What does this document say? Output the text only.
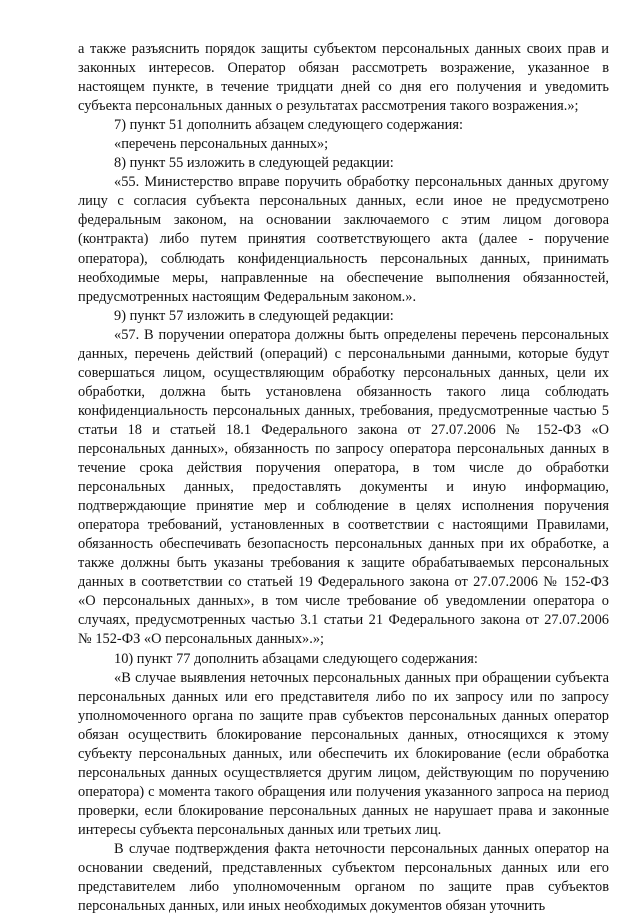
а также разъяснить порядок защиты субъектом персональных данных своих прав и законных интересов. Оператор обязан рассмотреть возражение, указанное в настоящем пункте, в течение тридцати дней со дня его получения и уведомить субъекта персональных данных о результатах рассмотрения такого возражения.»;

7) пункт 51 дополнить абзацем следующего содержания:

«перечень персональных данных»;

8) пункт 55 изложить в следующей редакции:

«55. Министерство вправе поручить обработку персональных данных другому лицу с согласия субъекта персональных данных, если иное не предусмотрено федеральным законом, на основании заключаемого с этим лицом договора (контракта) либо путем принятия соответствующего акта (далее - поручение оператора), соблюдать конфиденциальность персональных данных, принимать необходимые меры, направленные на обеспечение выполнения обязанностей, предусмотренных настоящим Федеральным законом.».

9) пункт 57 изложить в следующей редакции:

«57. В поручении оператора должны быть определены перечень персональных данных, перечень действий (операций) с персональными данными, которые будут совершаться лицом, осуществляющим обработку персональных данных, цели их обработки, должна быть установлена обязанность такого лица соблюдать конфиденциальность персональных данных, требования, предусмотренные частью 5 статьи 18 и статьей 18.1 Федерального закона от 27.07.2006 № 152-ФЗ «О персональных данных», обязанность по запросу оператора персональных данных в течение срока действия поручения оператора, в том числе до обработки персональных данных, предоставлять документы и иную информацию, подтверждающие принятие мер и соблюдение в целях исполнения поручения оператора требований, установленных в соответствии с настоящими Правилами, обязанность обеспечивать безопасность персональных данных при их обработке, а также должны быть указаны требования к защите обрабатываемых персональных данных в соответствии со статьей 19 Федерального закона от 27.07.2006 № 152-ФЗ «О персональных данных», в том числе требование об уведомлении оператора о случаях, предусмотренных частью 3.1 статьи 21 Федерального закона от 27.07.2006 № 152-ФЗ «О персональных данных».»;

10) пункт 77 дополнить абзацами следующего содержания:

«В случае выявления неточных персональных данных при обращении субъекта персональных данных или его представителя либо по их запросу или по запросу уполномоченного органа по защите прав субъектов персональных данных оператор обязан осуществить блокирование персональных данных, относящихся к этому субъекту персональных данных, или обеспечить их блокирование (если обработка персональных данных осуществляется другим лицом, действующим по поручению оператора) с момента такого обращения или получения указанного запроса на период проверки, если блокирование персональных данных не нарушает права и законные интересы субъекта персональных данных или третьих лиц.

В случае подтверждения факта неточности персональных данных оператор на основании сведений, представленных субъектом персональных данных или его представителем либо уполномоченным органом по защите прав субъектов персональных данных, или иных необходимых документов обязан уточнить
